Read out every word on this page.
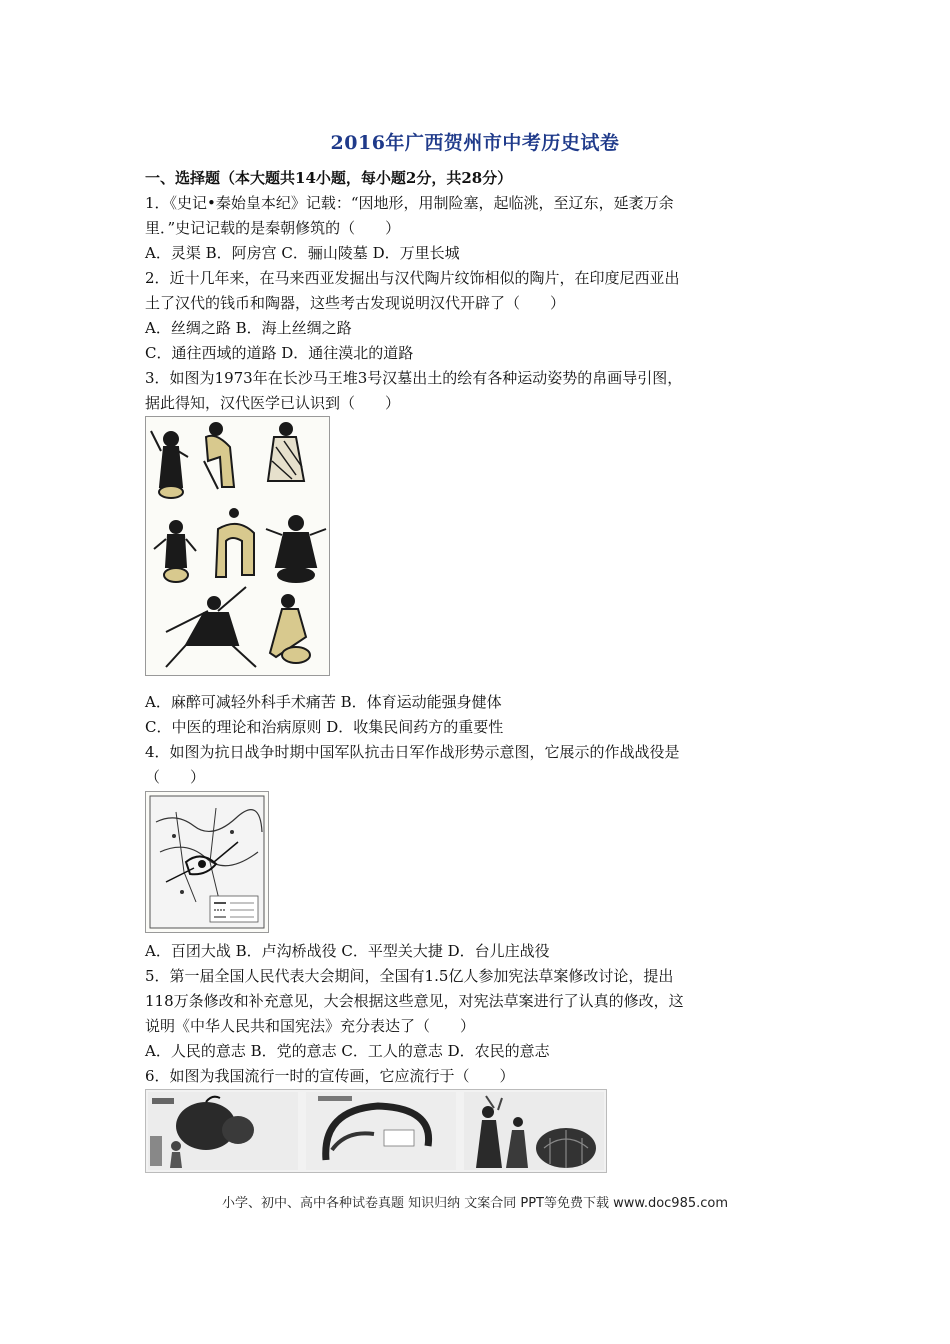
2016年广西贺州市中考历史试卷
一、选择题（本大题共14小题，每小题2分，共28分）
1．《史记•秦始皇本纪》记载：“因地形，用制险塞，起临洮，至辽东，延袤万余
里．”史记记载的是秦朝修筑的（　　）
A．灵渠 B．阿房宫 C．骊山陵墓 D．万里长城
2．近十几年来，在马来西亚发掘出与汉代陶片纹饰相似的陶片，在印度尼西亚出
土了汉代的钱币和陶器，这些考古发现说明汉代开辟了（　　）
A．丝绸之路 B．海上丝绸之路
C．通往西域的道路 D．通往漠北的道路
3．如图为1973年在长沙马王堆3号汉墓出土的绘有各种运动姿势的帛画导引图，
据此得知，汉代医学已认识到（　　）
A．麻醉可减轻外科手术痛苦 B．体育运动能强身健体
C．中医的理论和治病原则 D．收集民间药方的重要性
4．如图为抗日战争时期中国军队抗击日军作战形势示意图，它展示的作战战役是
（　　）
A．百团大战 B．卢沟桥战役 C．平型关大捷 D．台儿庄战役
5．第一届全国人民代表大会期间，全国有1.5亿人参加宪法草案修改讨论，提出
118万条修改和补充意见，大会根据这些意见，对宪法草案进行了认真的修改，这
说明《中华人民共和国宪法》充分表达了（　　）
A．人民的意志 B．党的意志 C．工人的意志 D．农民的意志
6．如图为我国流行一时的宣传画，它应流行于（　　）
小学、初中、高中各种试卷真题 知识归纳 文案合同 PPT等免费下载 www.doc985.com
